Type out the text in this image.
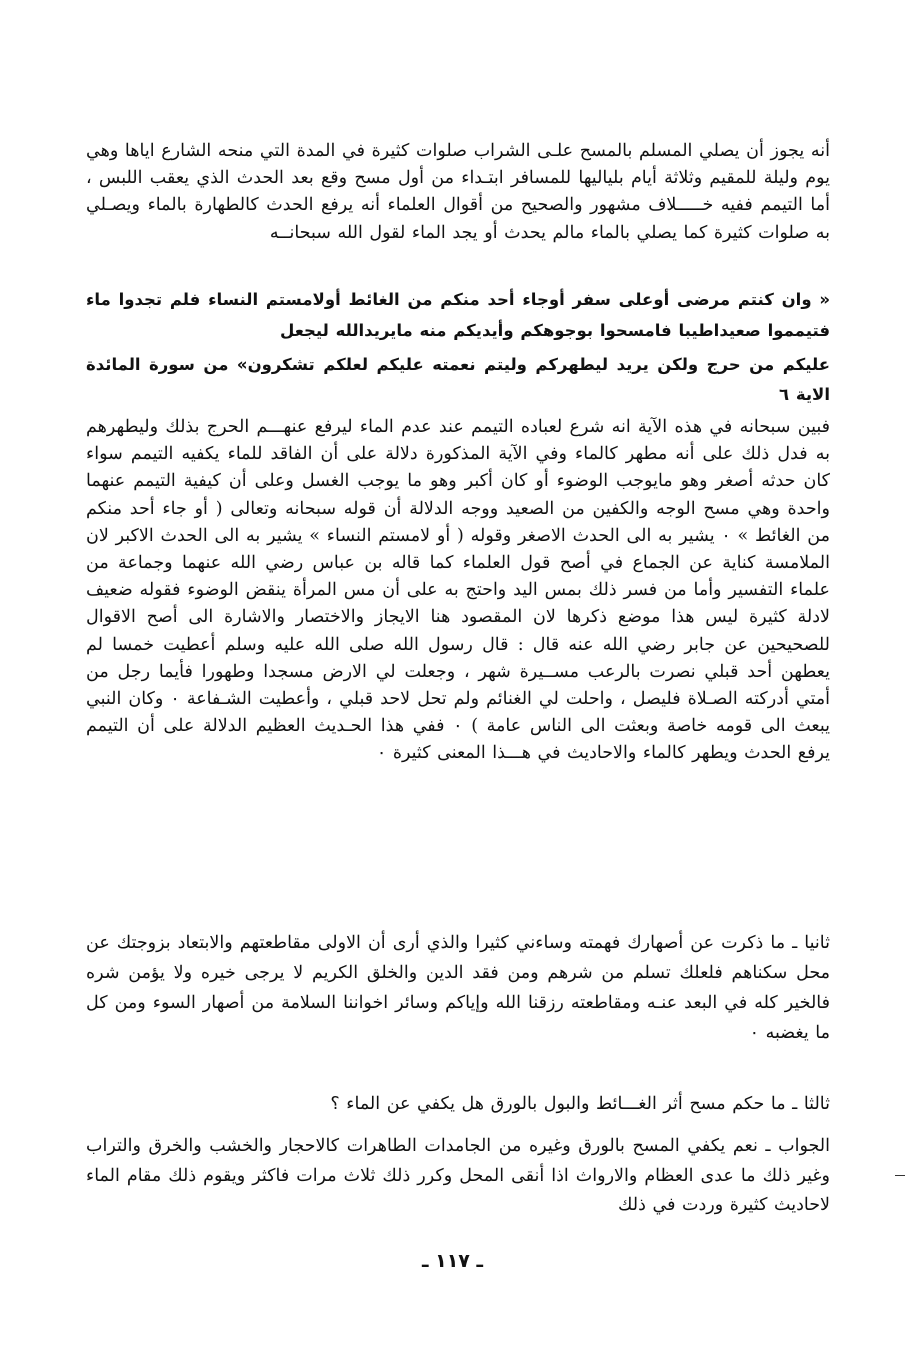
أنه يجوز أن يصلي المسلم بالمسح علـى الشراب صلوات كثيرة في المدة التي منحه الشارع اياها وهي يوم وليلة للمقيم وثلاثة أيام بلياليها للمسافر ابتـداء من أول مسح وقع بعد الحدث الذي يعقب اللبس ، أما التيمم ففيه خـــــلاف مشهور والصحيح من أقوال العلماء أنه يرفع الحدث كالطهارة بالماء ويصـلي به صلوات كثيرة كما يصلي بالماء مالم يحدث أو يجد الماء لقول الله سبحانــه
« وان كنتم مرضى أوعلى سفر أوجاء أحد منكم من الغائط أولامستم النساء فلم تجدوا ماء فتيمموا صعيداطيبا فامسحوا بوجوهكم وأيديكم منه مايريدالله ليجعل
عليكم من حرج ولكن يريد ليطهركم وليتم نعمته عليكم لعلكم تشكرون» من سورة المائدة الاية ٦
فبين سبحانه في هذه الآية انه شرع لعباده التيمم عند عدم الماء ليرفع عنهـــم الحرج بذلك وليطهرهم به فدل ذلك على أنه مطهر كالماء وفي الآية المذكورة دلالة على أن الفاقد للماء يكفيه التيمم سواء كان حدثه أصغر وهو مايوجب الوضوء أو كان أكبر وهو ما يوجب الغسل وعلى أن كيفية التيمم عنهما واحدة وهي مسح الوجه والكفين من الصعيد ووجه الدلالة أن قوله سبحانه وتعالى ( أو جاء أحد منكم من الغائط » ٠ يشير به الى الحدث الاصغر وقوله ( أو لامستم النساء » يشير به الى الحدث الاكبر لان الملامسة كناية عن الجماع في أصح قول العلماء كما قاله بن عباس رضي الله عنهما وجماعة من علماء التفسير وأما من فسر ذلك بمس اليد واحتج به على أن مس المرأة ينقض الوضوء فقوله ضعيف لادلة كثيرة ليس هذا موضع ذكرها لان المقصود هنا الايجاز والاختصار والاشارة الى أصح الاقوال للصحيحين عن جابر رضي الله عنه قال : قال رسول الله صلى الله عليه وسلم أعطيت خمسا لم يعطهن أحد قبلي نصرت بالرعب مســيرة شهر ، وجعلت لي الارض مسجدا وطهورا فأيما رجل من أمتي أدركته الصـلاة فليصل ، واحلت لي الغنائم ولم تحل لاحد قبلي ، وأعطيت الشـفاعة ٠ وكان النبي يبعث الى قومه خاصة وبعثت الى الناس عامة ) ٠ ففي هذا الحـديث العظيم الدلالة على أن التيمم يرفع الحدث ويطهر كالماء والاحاديث في هـــذا المعنى كثيرة ٠
ثانيا ـ ما ذكرت عن أصهارك فهمته وساءني كثيرا والذي أرى أن الاولى مقاطعتهم والابتعاد بزوجتك عن محل سكناهم فلعلك تسلم من شرهم ومن فقد الدين والخلق الكريم لا يرجى خيره ولا يؤمن شره فالخير كله في البعد عنـه ومقاطعته رزقنا الله وإياكم وسائر اخواننا السلامة من أصهار السوء ومن كل ما يغضبه ٠
ثالثا ـ ما حكم مسح أثر الغـــائط والبول بالورق هل يكفي عن الماء ؟
الجواب ـ نعم يكفي المسح بالورق وغيره من الجامدات الطاهرات كالاحجار والخشب والخرق والتراب وغير ذلك ما عدى العظام والارواث اذا أنقى المحل وكرر ذلك ثلاث مرات فاكثر ويقوم ذلك مقام الماء لاحاديث كثيرة وردت في ذلك
ـ ١١٧ ـ
